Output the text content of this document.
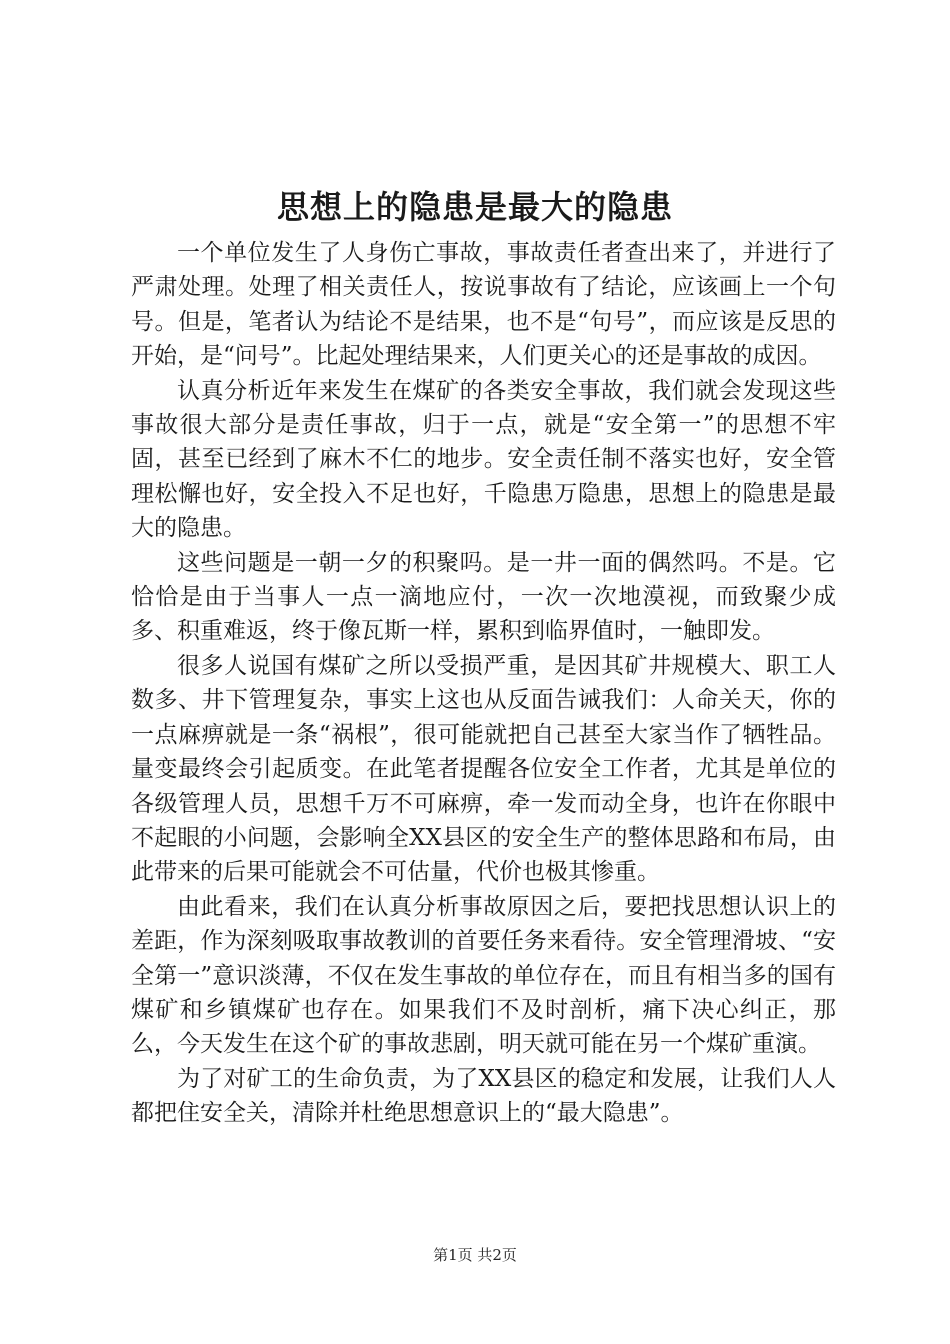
思想上的隐患是最大的隐患

一个单位发生了人身伤亡事故，事故责任者查出来了，并进行了严肃处理。处理了相关责任人，按说事故有了结论，应该画上一个句号。但是，笔者认为结论不是结果，也不是“句号”，而应该是反思的开始，是“问号”。比起处理结果来，人们更关心的还是事故的成因。

认真分析近年来发生在煤矿的各类安全事故，我们就会发现这些事故很大部分是责任事故，归于一点，就是“安全第一”的思想不牢固，甚至已经到了麻木不仁的地步。安全责任制不落实也好，安全管理松懈也好，安全投入不足也好，千隐患万隐患，思想上的隐患是最大的隐患。

这些问题是一朝一夕的积聚吗。是一井一面的偶然吗。不是。它恰恰是由于当事人一点一滴地应付，一次一次地漠视，而致聚少成多、积重难返，终于像瓦斯一样，累积到临界值时，一触即发。

很多人说国有煤矿之所以受损严重，是因其矿井规模大、职工人数多、井下管理复杂，事实上这也从反面告诫我们：人命关天，你的一点麻痹就是一条“祸根”，很可能就把自己甚至大家当作了牺牲品。量变最终会引起质变。在此笔者提醒各位安全工作者，尤其是单位的各级管理人员，思想千万不可麻痹，牵一发而动全身，也许在你眼中不起眼的小问题，会影响全XX县区的安全生产的整体思路和布局，由此带来的后果可能就会不可估量，代价也极其惨重。

由此看来，我们在认真分析事故原因之后，要把找思想认识上的差距，作为深刻吸取事故教训的首要任务来看待。安全管理滑坡、“安全第一”意识淡薄，不仅在发生事故的单位存在，而且有相当多的国有煤矿和乡镇煤矿也存在。如果我们不及时剖析，痛下决心纠正，那么，今天发生在这个矿的事故悲剧，明天就可能在另一个煤矿重演。

为了对矿工的生命负责，为了XX县区的稳定和发展，让我们人人都把住安全关，清除并杜绝思想意识上的“最大隐患”。

第1页 共2页
